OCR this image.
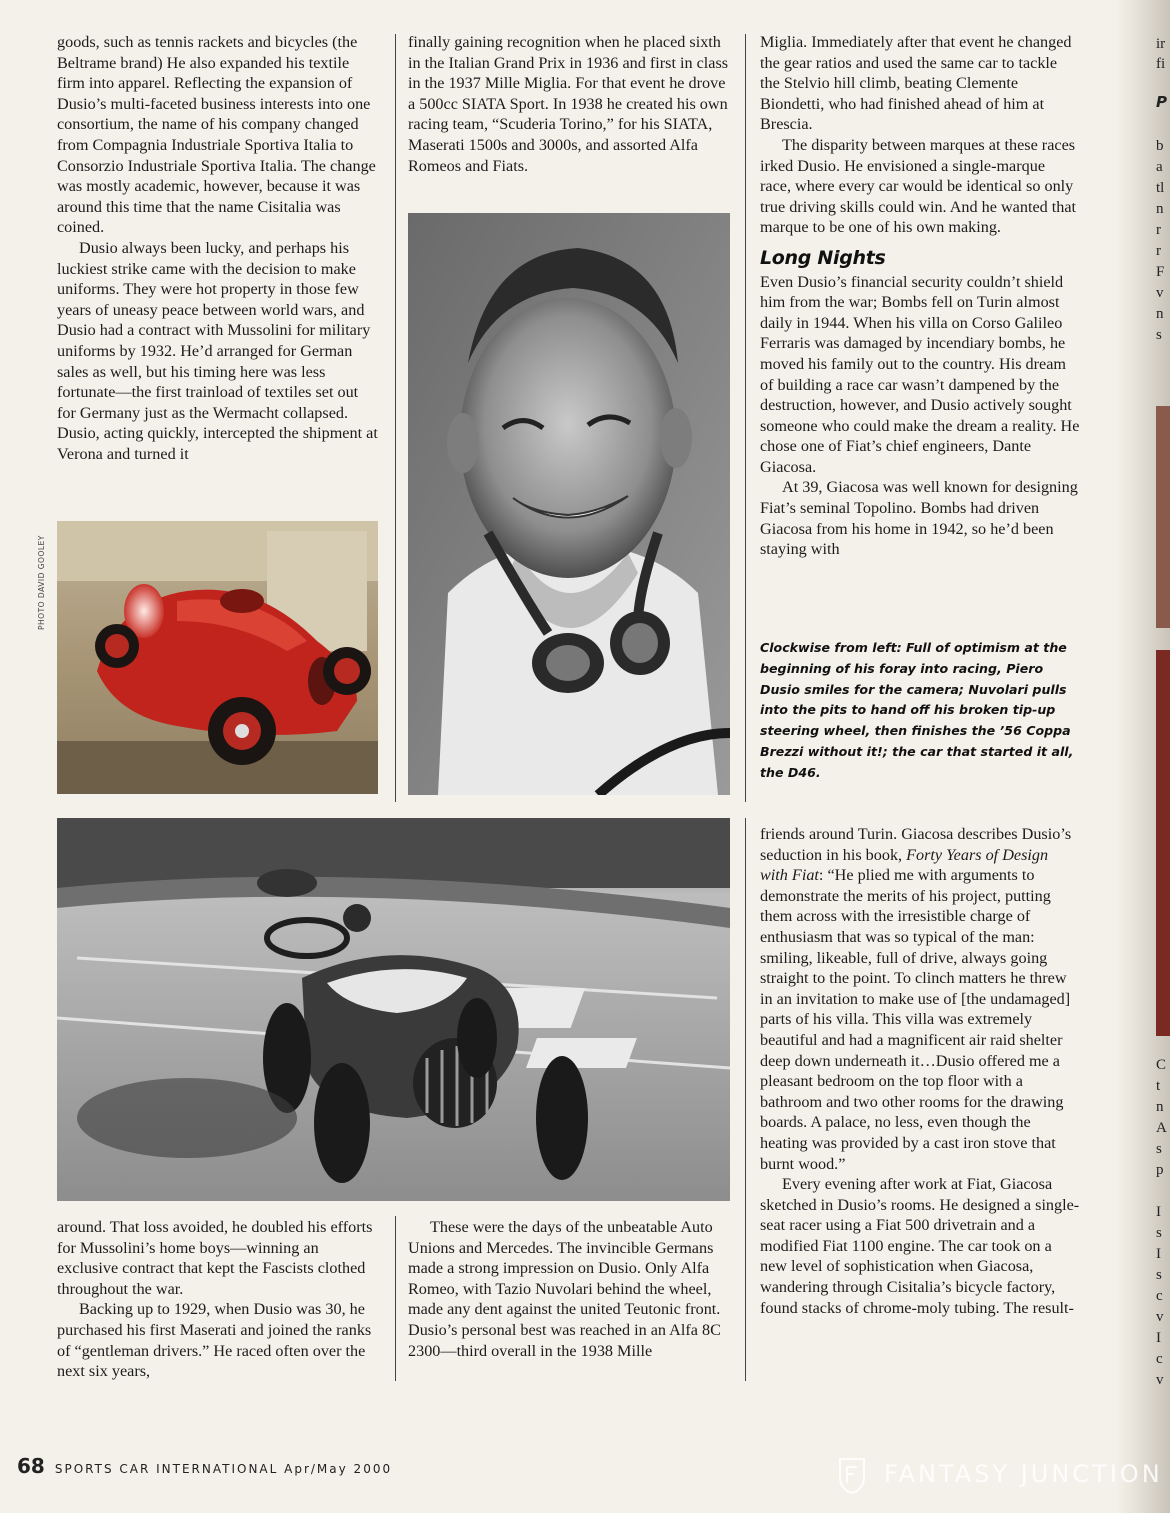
goods, such as tennis rackets and bicycles (the Beltrame brand) He also expanded his textile firm into apparel. Reflecting the expansion of Dusio’s multi-faceted business interests into one consortium, the name of his company changed from Compagnia Industriale Sportiva Italia to Consorzio Industriale Sportiva Italia. The change was mostly academic, however, because it was around this time that the name Cisitalia was coined.

Dusio always been lucky, and perhaps his luckiest strike came with the decision to make uniforms. They were hot property in those few years of uneasy peace between world wars, and Dusio had a contract with Mussolini for military uniforms by 1932. He’d arranged for German sales as well, but his timing here was less fortunate—the first trainload of textiles set out for Germany just as the Wermacht collapsed. Dusio, acting quickly, intercepted the shipment at Verona and turned it

finally gaining recognition when he placed sixth in the Italian Grand Prix in 1936 and first in class in the 1937 Mille Miglia. For that event he drove a 500cc SIATA Sport. In 1938 he created his own racing team, “Scuderia Torino,” for his SIATA, Maserati 1500s and 3000s, and assorted Alfa Romeos and Fiats.

Miglia. Immediately after that event he changed the gear ratios and used the same car to tackle the Stelvio hill climb, beating Clemente Biondetti, who had finished ahead of him at Brescia.

The disparity between marques at these races irked Dusio. He envisioned a single-marque race, where every car would be identical so only true driving skills could win. And he wanted that marque to be one of his own making.

Long Nights

Even Dusio’s financial security couldn’t shield him from the war; Bombs fell on Turin almost daily in 1944. When his villa on Corso Galileo Ferraris was damaged by incendiary bombs, he moved his family out to the country. His dream of building a race car wasn’t dampened by the destruction, however, and Dusio actively sought someone who could make the dream a reality. He chose one of Fiat’s chief engineers, Dante Giacosa.

At 39, Giacosa was well known for designing Fiat’s seminal Topolino. Bombs had driven Giacosa from his home in 1942, so he’d been staying with

Clockwise from left: Full of optimism at the beginning of his foray into racing, Piero Dusio smiles for the camera; Nuvolari pulls into the pits to hand off his broken tip-up steering wheel, then finishes the ’56 Coppa Brezzi without it!; the car that started it all, the D46.

friends around Turin. Giacosa describes Dusio’s seduction in his book, Forty Years of Design with Fiat: “He plied me with arguments to demonstrate the merits of his project, putting them across with the irresistible charge of enthusiasm that was so typical of the man: smiling, likeable, full of drive, always going straight to the point. To clinch matters he threw in an invitation to make use of [the undamaged] parts of his villa. This villa was extremely beautiful and had a magnificent air raid shelter deep down underneath it…Dusio offered me a pleasant bedroom on the top floor with a bathroom and two other rooms for the drawing boards. A palace, no less, even though the heating was provided by a cast iron stove that burnt wood.”

Every evening after work at Fiat, Giacosa sketched in Dusio’s rooms. He designed a single-seat racer using a Fiat 500 drivetrain and a modified Fiat 1100 engine. The car took on a new level of sophistication when Giacosa, wandering through Cisitalia’s bicycle factory, found stacks of chrome-moly tubing. The result-

around. That loss avoided, he doubled his efforts for Mussolini’s home boys—winning an exclusive contract that kept the Fascists clothed throughout the war.

Backing up to 1929, when Dusio was 30, he purchased his first Maserati and joined the ranks of “gentleman drivers.” He raced often over the next six years,

These were the days of the unbeatable Auto Unions and Mercedes. The invincible Germans made a strong impression on Dusio. Only Alfa Romeo, with Tazio Nuvolari behind the wheel, made any dent against the united Teutonic front. Dusio’s personal best was reached in an Alfa 8C 2300—third overall in the 1938 Mille

PHOTO DAVID GOOLEY
68 SPORTS CAR INTERNATIONAL Apr/May 2000
ir
fi
P
b
a
tl
n
r
r
F
v
n
s
C
t
n
A
s
p
I
s
I
s
c
v
I
c
v
FANTASY JUNCTION
